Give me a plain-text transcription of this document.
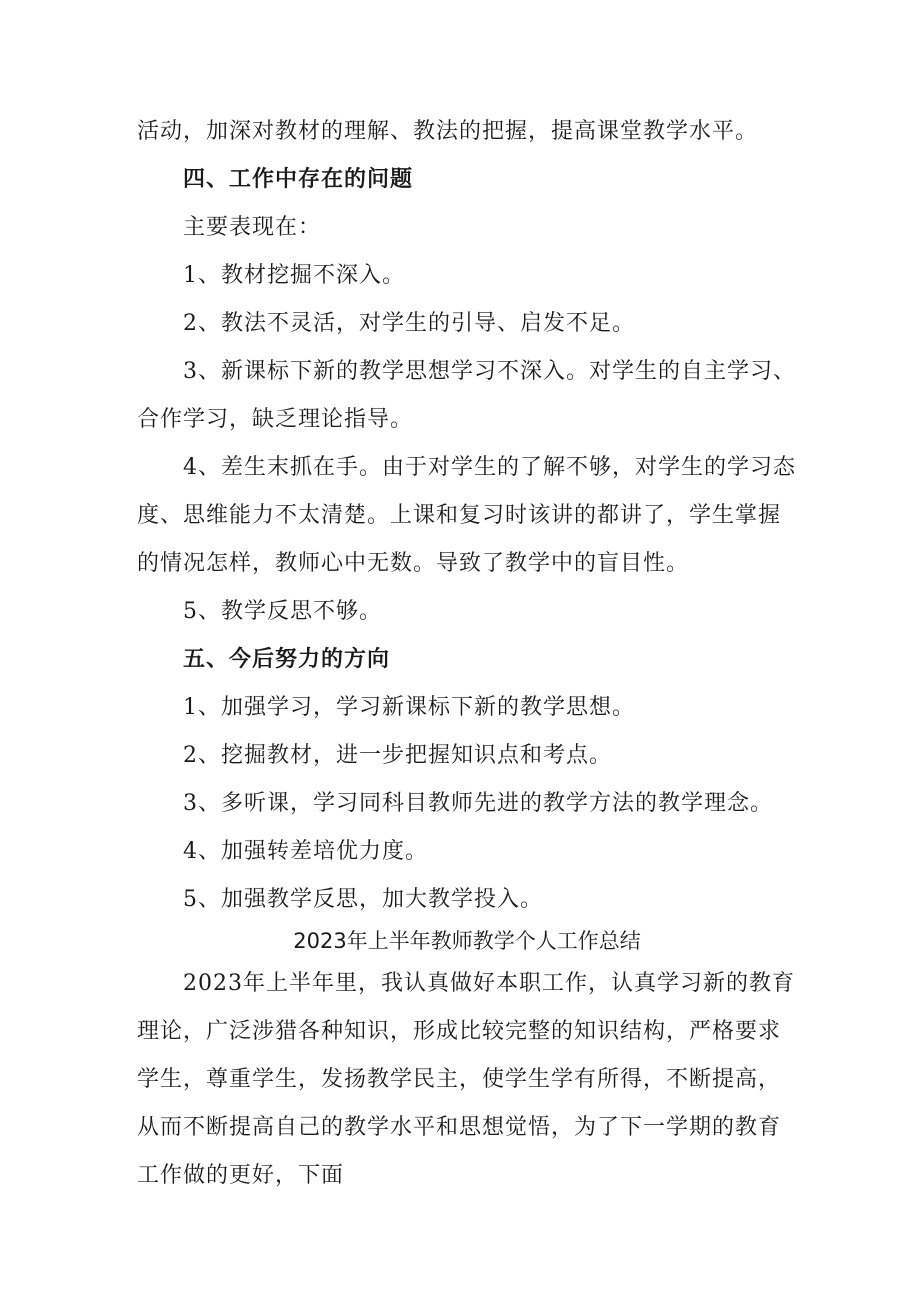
活动，加深对教材的理解、教法的把握，提高课堂教学水平。

四、工作中存在的问题

主要表现在：

1、教材挖掘不深入。

2、教法不灵活，对学生的引导、启发不足。

3、新课标下新的教学思想学习不深入。对学生的自主学习、合作学习，缺乏理论指导。

4、差生末抓在手。由于对学生的了解不够，对学生的学习态度、思维能力不太清楚。上课和复习时该讲的都讲了，学生掌握的情况怎样，教师心中无数。导致了教学中的盲目性。

5、教学反思不够。

五、今后努力的方向

1、加强学习，学习新课标下新的教学思想。

2、挖掘教材，进一步把握知识点和考点。

3、多听课，学习同科目教师先进的教学方法的教学理念。

4、加强转差培优力度。

5、加强教学反思，加大教学投入。

2023年上半年教师教学个人工作总结

2023年上半年里，我认真做好本职工作，认真学习新的教育理论，广泛涉猎各种知识，形成比较完整的知识结构，严格要求学生，尊重学生，发扬教学民主，使学生学有所得，不断提高，从而不断提高自己的教学水平和思想觉悟，为了下一学期的教育工作做的更好，下面
